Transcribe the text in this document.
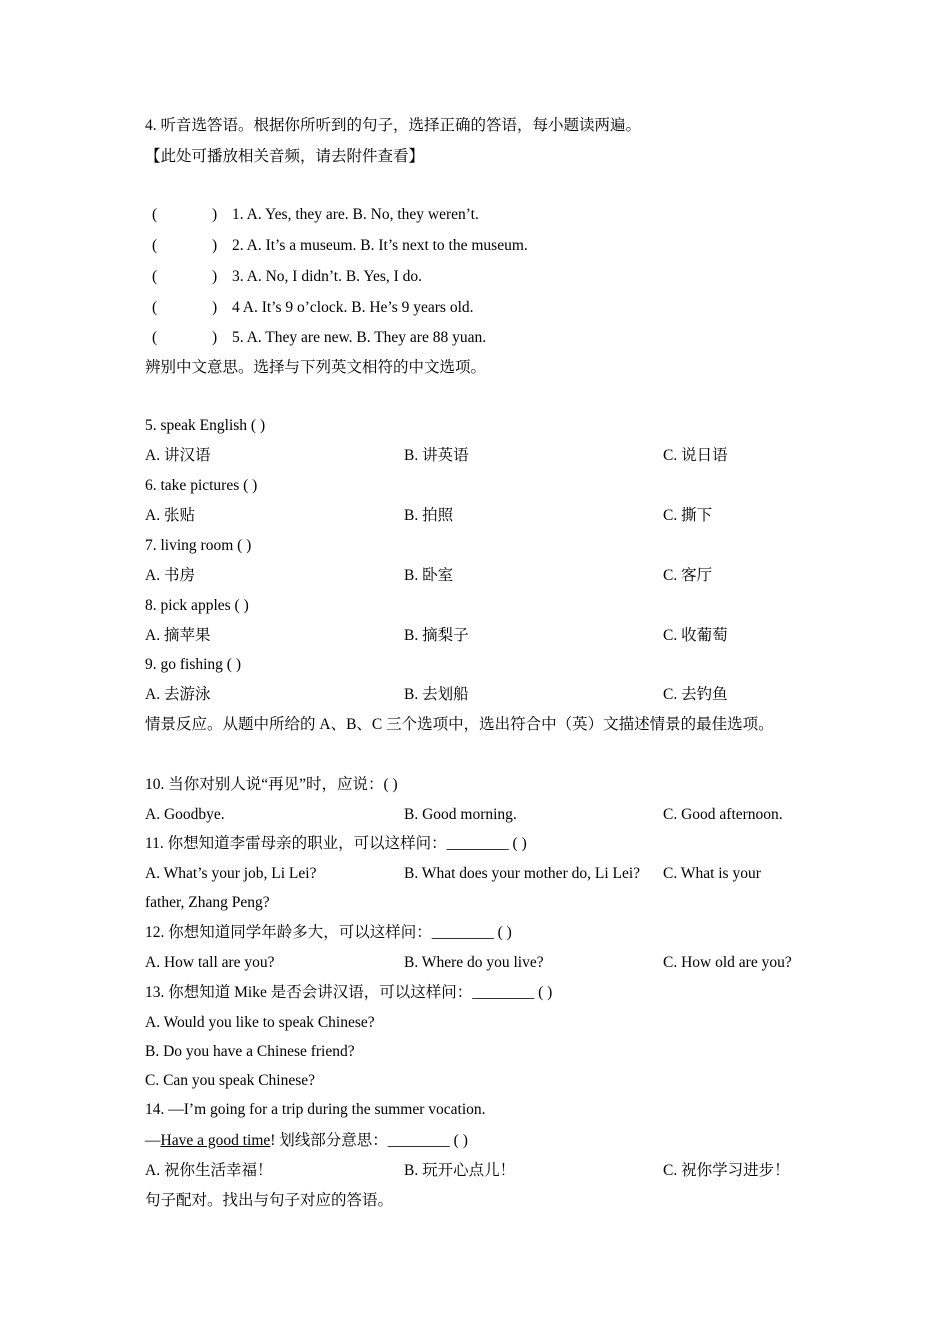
4. 听音选答语。根据你所听到的句子，选择正确的答语，每小题读两遍。
【此处可播放相关音频，请去附件查看】
(	) 1. A. Yes, they are. B. No, they weren’t.
(	) 2. A. It’s a museum. B. It’s next to the museum.
(	) 3. A. No, I didn’t. B. Yes, I do.
(	) 4 A. It’s 9 o’clock. B. He’s 9 years old.
(	) 5. A. They are new. B. They are 88 yuan.
辨别中文意思。选择与下列英文相符的中文选项。
5. speak English ( )
A. 讲汉语	B. 讲英语	C. 说日语
6. take pictures ( )
A. 张贴	B. 拍照	C. 撕下
7. living room ( )
A. 书房	B. 卧室	C. 客厅
8. pick apples ( )
A. 摘苹果	B. 摘梨子	C. 收葡萄
9. go fishing ( )
A. 去游泳	B. 去划船	C. 去钓鱼
情景反应。从题中所给的 A、B、C 三个选项中，选出符合中（英）文描述情景的最佳选项。
10. 当你对别人说“再见”时，应说：( )
A. Goodbye.	B. Good morning.	C. Good afternoon.
11. 你想知道李雷母亲的职业，可以这样问：________ ( )
A. What’s your job, Li Lei?	B. What does your mother do, Li Lei? C. What is your
father, Zhang Peng?
12. 你想知道同学年龄多大，可以这样问：________ ( )
A. How tall are you?	B. Where do you live?	C. How old are you?
13. 你想知道 Mike 是否会讲汉语，可以这样问：________ ( )
A. Would you like to speak Chinese?
B. Do you have a Chinese friend?
C. Can you speak Chinese?
14. —I’m going for a trip during the summer vocation.
—Have a good time! 划线部分意思：________ ( )
A. 祝你生活幸福！	B. 玩开心点儿！	C. 祝你学习进步！
句子配对。找出与句子对应的答语。
